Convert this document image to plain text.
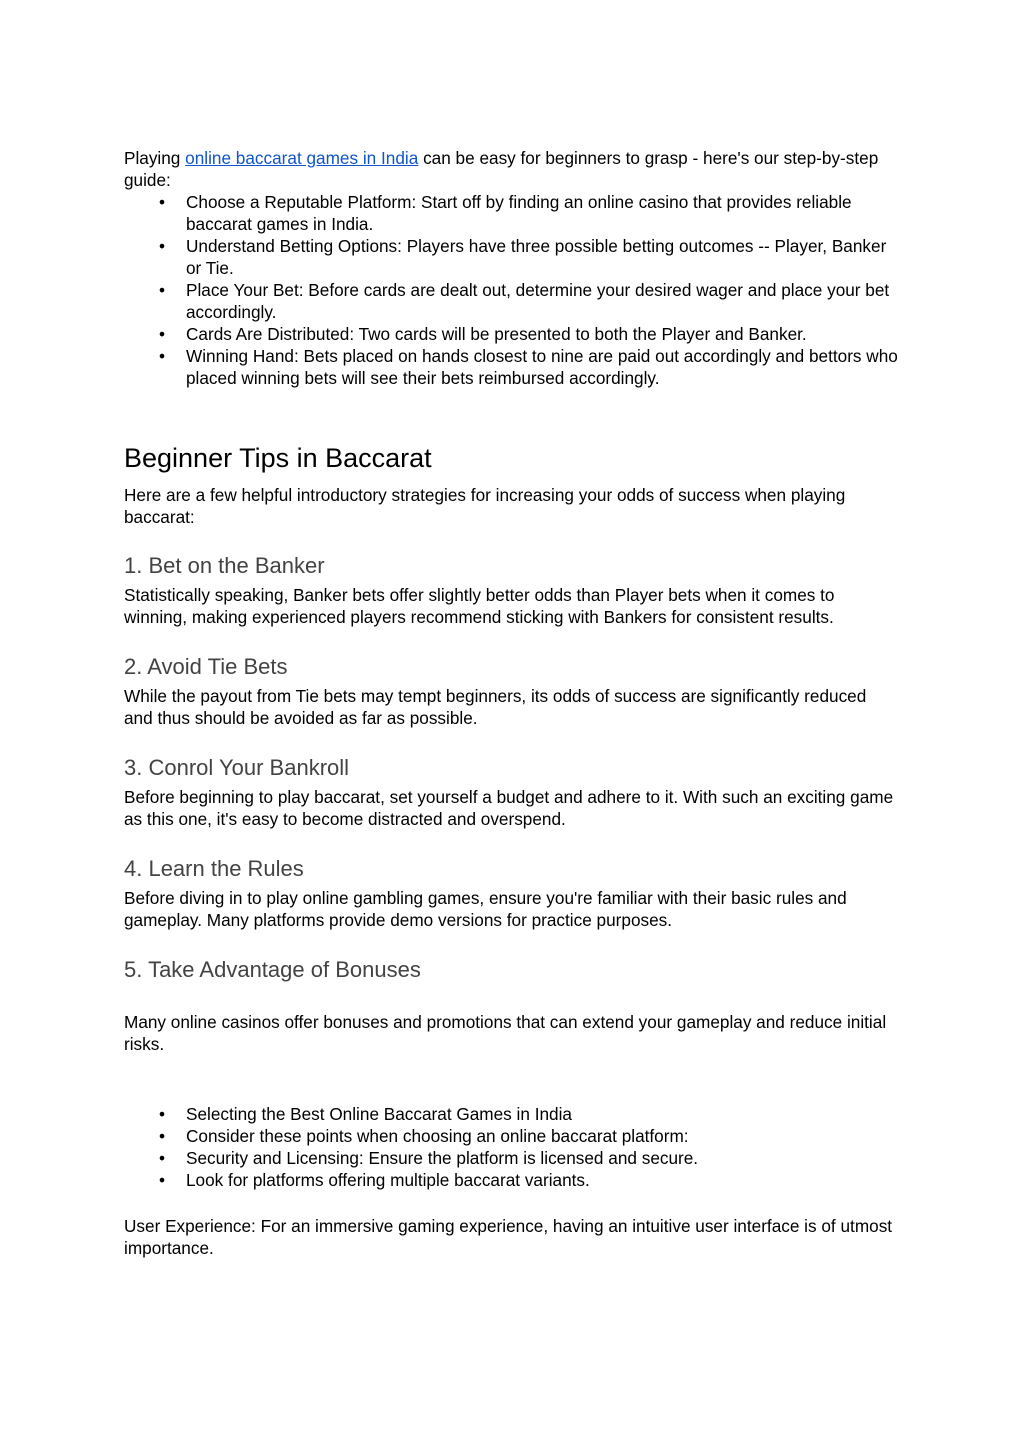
Playing online baccarat games in India can be easy for beginners to grasp - here's our step-by-step guide:

• Choose a Reputable Platform: Start off by finding an online casino that provides reliable baccarat games in India.
• Understand Betting Options: Players have three possible betting outcomes -- Player, Banker or Tie.
• Place Your Bet: Before cards are dealt out, determine your desired wager and place your bet accordingly.
• Cards Are Distributed: Two cards will be presented to both the Player and Banker.
• Winning Hand: Bets placed on hands closest to nine are paid out accordingly and bettors who placed winning bets will see their bets reimbursed accordingly.
Beginner Tips in Baccarat

Here are a few helpful introductory strategies for increasing your odds of success when playing baccarat:

1. Bet on the Banker

Statistically speaking, Banker bets offer slightly better odds than Player bets when it comes to winning, making experienced players recommend sticking with Bankers for consistent results.

2. Avoid Tie Bets

While the payout from Tie bets may tempt beginners, its odds of success are significantly reduced and thus should be avoided as far as possible.

3. Conrol Your Bankroll

Before beginning to play baccarat, set yourself a budget and adhere to it. With such an exciting game as this one, it's easy to become distracted and overspend.

4. Learn the Rules

Before diving in to play online gambling games, ensure you're familiar with their basic rules and gameplay. Many platforms provide demo versions for practice purposes.

5. Take Advantage of Bonuses

Many online casinos offer bonuses and promotions that can extend your gameplay and reduce initial risks.

• Selecting the Best Online Baccarat Games in India
• Consider these points when choosing an online baccarat platform:
• Security and Licensing: Ensure the platform is licensed and secure.
• Look for platforms offering multiple baccarat variants.

User Experience: For an immersive gaming experience, having an intuitive user interface is of utmost importance.
